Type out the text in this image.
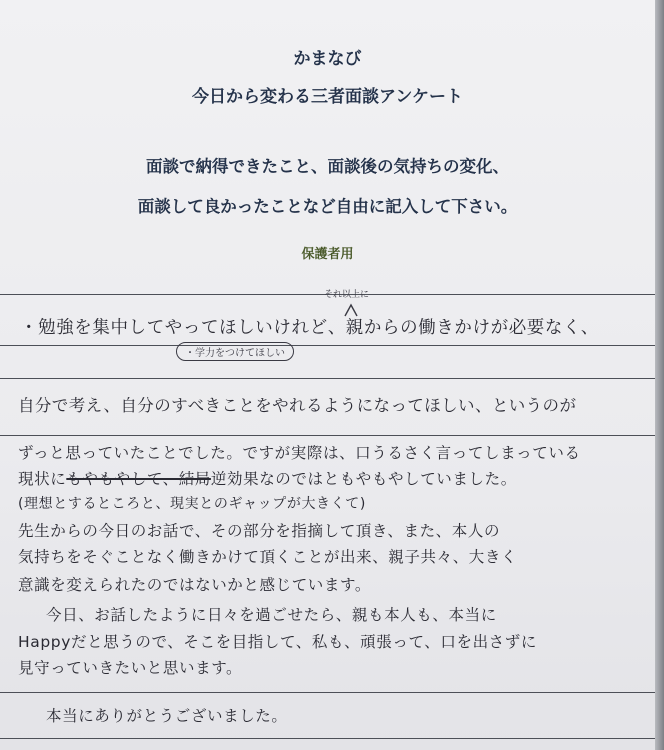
かまなび
今日から変わる三者面談アンケート
面談で納得できたこと、面談後の気持ちの変化、
面談して良かったことなど自由に記入して下さい。
保護者用
それ以上に
・勉強を集中してやってほしいけれど、親からの働きかけが必要なく、
・学力をつけてほしい
自分で考え、自分のすべきことをやれるようになってほしい、というのが
ずっと思っていたことでした。ですが実際は、口うるさく言ってしまっている
現状にもやもやして、結局逆効果なのではともやもやしていました。
(理想とするところと、現実とのギャップが大きくて)
先生からの今日のお話で、その部分を指摘して頂き、また、本人の
気持ちをそぐことなく働きかけて頂くことが出来、親子共々、大きく
意識を変えられたのではないかと感じています。
今日、お話したように日々を過ごせたら、親も本人も、本当に
Happyだと思うので、そこを目指して、私も、頑張って、口を出さずに
見守っていきたいと思います。
本当にありがとうございました。
